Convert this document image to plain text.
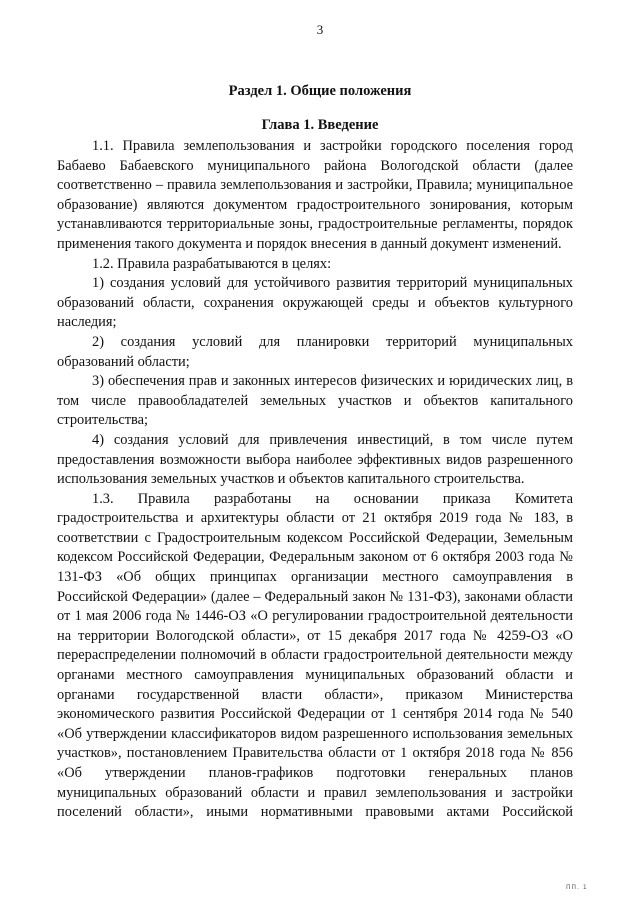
3
Раздел 1. Общие положения
Глава 1. Введение

1.1. Правила землепользования и застройки городского поселения город Бабаево Бабаевского муниципального района Вологодской области (далее соответственно – правила землепользования и застройки, Правила; муниципальное образование) являются документом градостроительного зонирования, которым устанавливаются территориальные зоны, градостроительные регламенты, порядок применения такого документа и порядок внесения в данный документ изменений.

1.2. Правила разрабатываются в целях:

1) создания условий для устойчивого развития территорий муниципальных образований области, сохранения окружающей среды и объектов культурного наследия;

2) создания условий для планировки территорий муниципальных образований области;

3) обеспечения прав и законных интересов физических и юридических лиц, в том числе правообладателей земельных участков и объектов капитального строительства;

4) создания условий для привлечения инвестиций, в том числе путем предоставления возможности выбора наиболее эффективных видов разрешенного использования земельных участков и объектов капитального строительства.

1.3. Правила разработаны на основании приказа Комитета градостроительства и архитектуры области от 21 октября 2019 года № 183, в соответствии с Градостроительным кодексом Российской Федерации, Земельным кодексом Российской Федерации, Федеральным законом от 6 октября 2003 года № 131-ФЗ «Об общих принципах организации местного самоуправления в Российской Федерации» (далее – Федеральный закон № 131-ФЗ), законами области от 1 мая 2006 года № 1446-ОЗ «О регулировании градостроительной деятельности на территории Вологодской области», от 15 декабря 2017 года № 4259-ОЗ «О перераспределении полномочий в области градостроительной деятельности между органами местного самоуправления муниципальных образований области и органами государственной власти области», приказом Министерства экономического развития Российской Федерации от 1 сентября 2014 года № 540 «Об утверждении классификаторов видом разрешенного использования земельных участков», постановлением Правительства области от 1 октября 2018 года № 856 «Об утверждении планов-графиков подготовки генеральных планов муниципальных образований области и правил землепользования и застройки поселений области», иными нормативными правовыми актами Российской

ПП. 1
